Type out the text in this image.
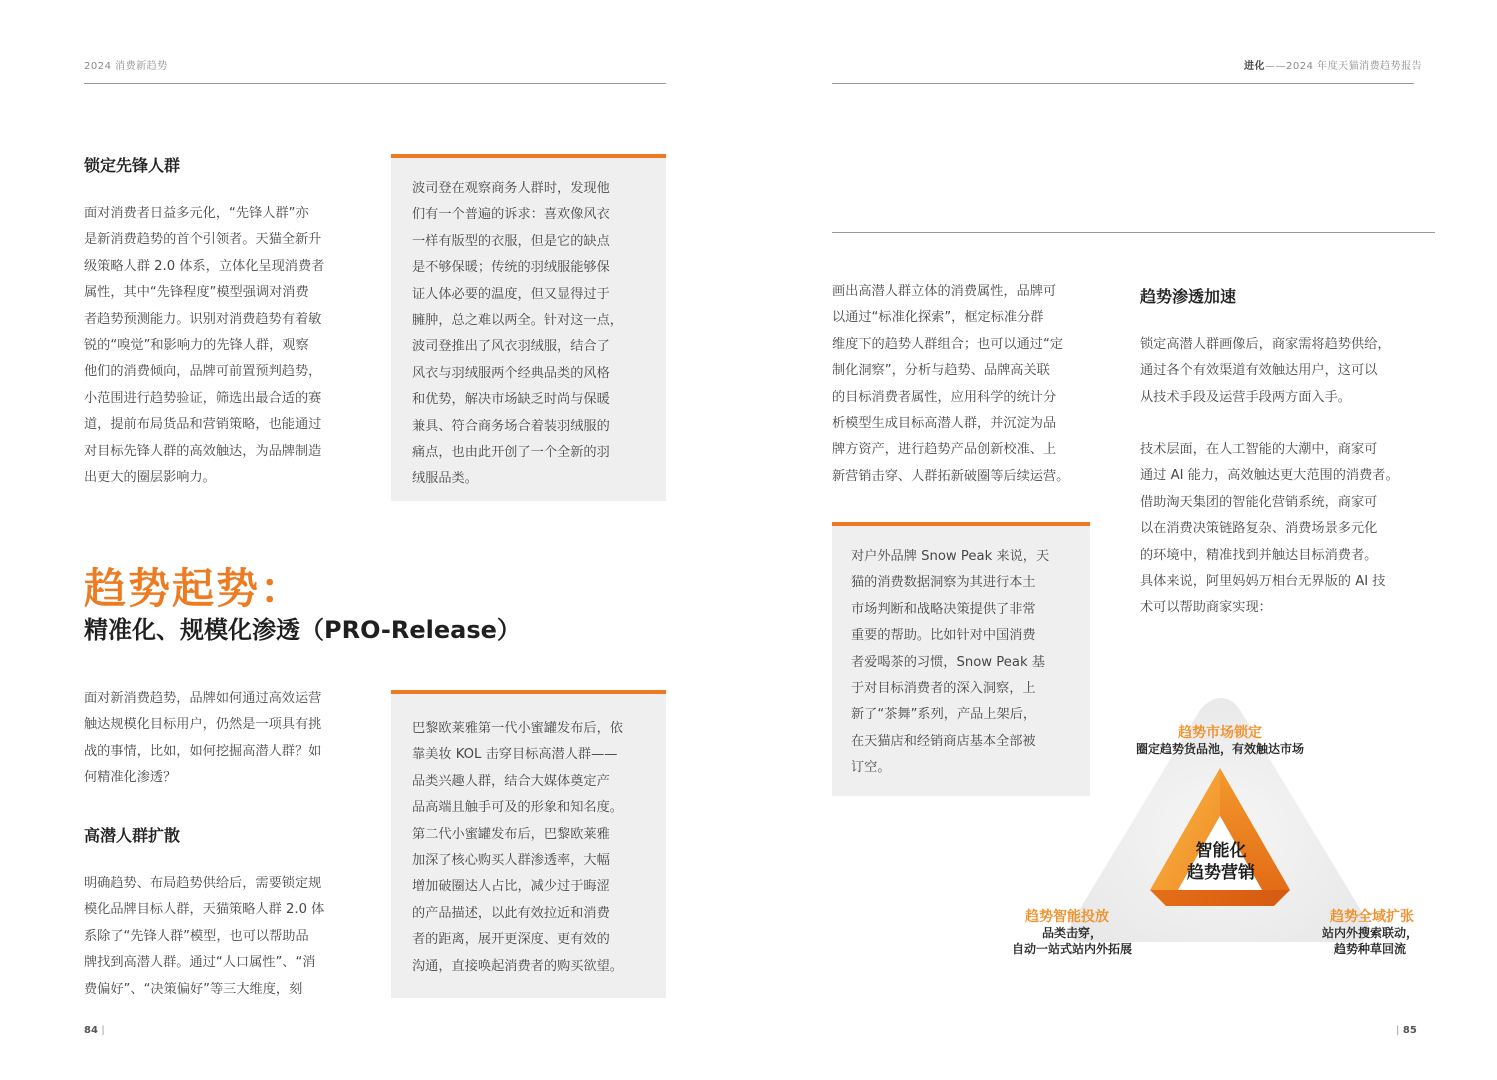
2024 消费新趋势
锁定先锋人群
面对消费者日益多元化，“先锋人群”亦
是新消费趋势的首个引领者。天猫全新升
级策略人群 2.0 体系，立体化呈现消费者
属性，其中“先锋程度”模型强调对消费
者趋势预测能力。识别对消费趋势有着敏
锐的“嗅觉”和影响力的先锋人群，观察
他们的消费倾向，品牌可前置预判趋势，
小范围进行趋势验证，筛选出最合适的赛
道，提前布局货品和营销策略，也能通过
对目标先锋人群的高效触达，为品牌制造
出更大的圈层影响力。
波司登在观察商务人群时，发现他
们有一个普遍的诉求：喜欢像风衣
一样有版型的衣服，但是它的缺点
是不够保暖；传统的羽绒服能够保
证人体必要的温度，但又显得过于
臃肿，总之难以两全。针对这一点，
波司登推出了风衣羽绒服，结合了
风衣与羽绒服两个经典品类的风格
和优势，解决市场缺乏时尚与保暖
兼具、符合商务场合着装羽绒服的
痛点，也由此开创了一个全新的羽
绒服品类。
趋势起势：
精准化、规模化渗透（PRO-Release）
面对新消费趋势，品牌如何通过高效运营
触达规模化目标用户，仍然是一项具有挑
战的事情，比如，如何挖掘高潜人群？如
何精准化渗透？
高潜人群扩散
明确趋势、布局趋势供给后，需要锁定规
模化品牌目标人群，天猫策略人群 2.0 体
系除了“先锋人群”模型，也可以帮助品
牌找到高潜人群。通过“人口属性”、“消
费偏好”、“决策偏好”等三大维度，刻
巴黎欧莱雅第一代小蜜罐发布后，依
靠美妆 KOL 击穿目标高潜人群——
品类兴趣人群，结合大媒体奠定产
品高端且触手可及的形象和知名度。
第二代小蜜罐发布后，巴黎欧莱雅
加深了核心购买人群渗透率，大幅
增加破圈达人占比，减少过于晦涩
的产品描述，以此有效拉近和消费
者的距离，展开更深度、更有效的
沟通，直接唤起消费者的购买欲望。
84 |
进化——2024 年度天猫消费趋势报告
画出高潜人群立体的消费属性，品牌可
以通过“标准化探索”，框定标准分群
维度下的趋势人群组合；也可以通过“定
制化洞察”，分析与趋势、品牌高关联
的目标消费者属性，应用科学的统计分
析模型生成目标高潜人群，并沉淀为品
牌方资产，进行趋势产品创新校准、上
新营销击穿、人群拓新破圈等后续运营。
对户外品牌 Snow Peak 来说，天
猫的消费数据洞察为其进行本土
市场判断和战略决策提供了非常
重要的帮助。比如针对中国消费
者爱喝茶的习惯，Snow Peak 基
于对目标消费者的深入洞察，上
新了“茶舞”系列，产品上架后，
在天猫店和经销商店基本全部被
订空。
趋势渗透加速
锁定高潜人群画像后，商家需将趋势供给，
通过各个有效渠道有效触达用户，这可以
从技术手段及运营手段两方面入手。
技术层面，在人工智能的大潮中，商家可
通过 AI 能力，高效触达更大范围的消费者。
借助淘天集团的智能化营销系统，商家可
以在消费决策链路复杂、消费场景多元化
的环境中，精准找到并触达目标消费者。
具体来说，阿里妈妈万相台无界版的 AI 技
术可以帮助商家实现：
智能化
趋势营销
趋势市场锁定
圈定趋势货品池，有效触达市场
趋势智能投放
品类击穿，
自动一站式站内外拓展
趋势全域扩张
站内外搜索联动，
趋势种草回流
| 85
